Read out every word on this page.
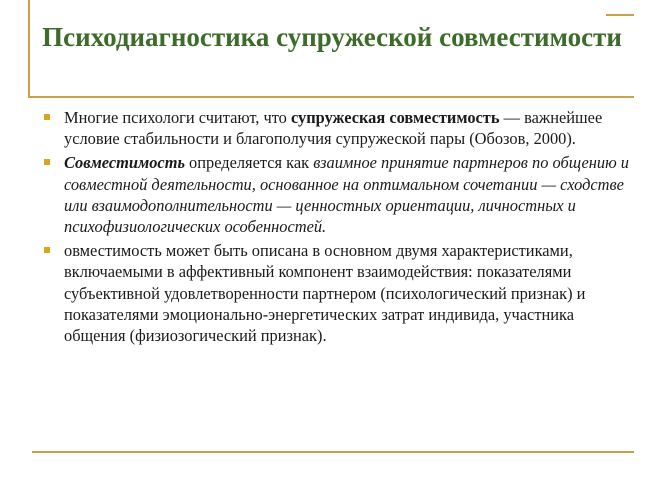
Психодиагностика супружеской совместимости
Многие психологи считают, что супружеская совместимость — важнейшее условие стабильности и благополучия супружеской пары (Обозов, 2000).
Совместимость определяется как взаимное принятие партнеров по общению и совместной деятельности, основанное на оптимальном сочетании — сходстве или взаимодополнительности — ценностных ориентации, личностных и психофизиологических особенностей.
овместимость может быть описана в основном двумя характеристиками, включаемыми в аффективный компонент взаимодействия: показателями субъективной удовлетворенности партнером (психологический признак) и показателями эмоционально-энергетических затрат индивида, участника общения (физиозогический признак).
